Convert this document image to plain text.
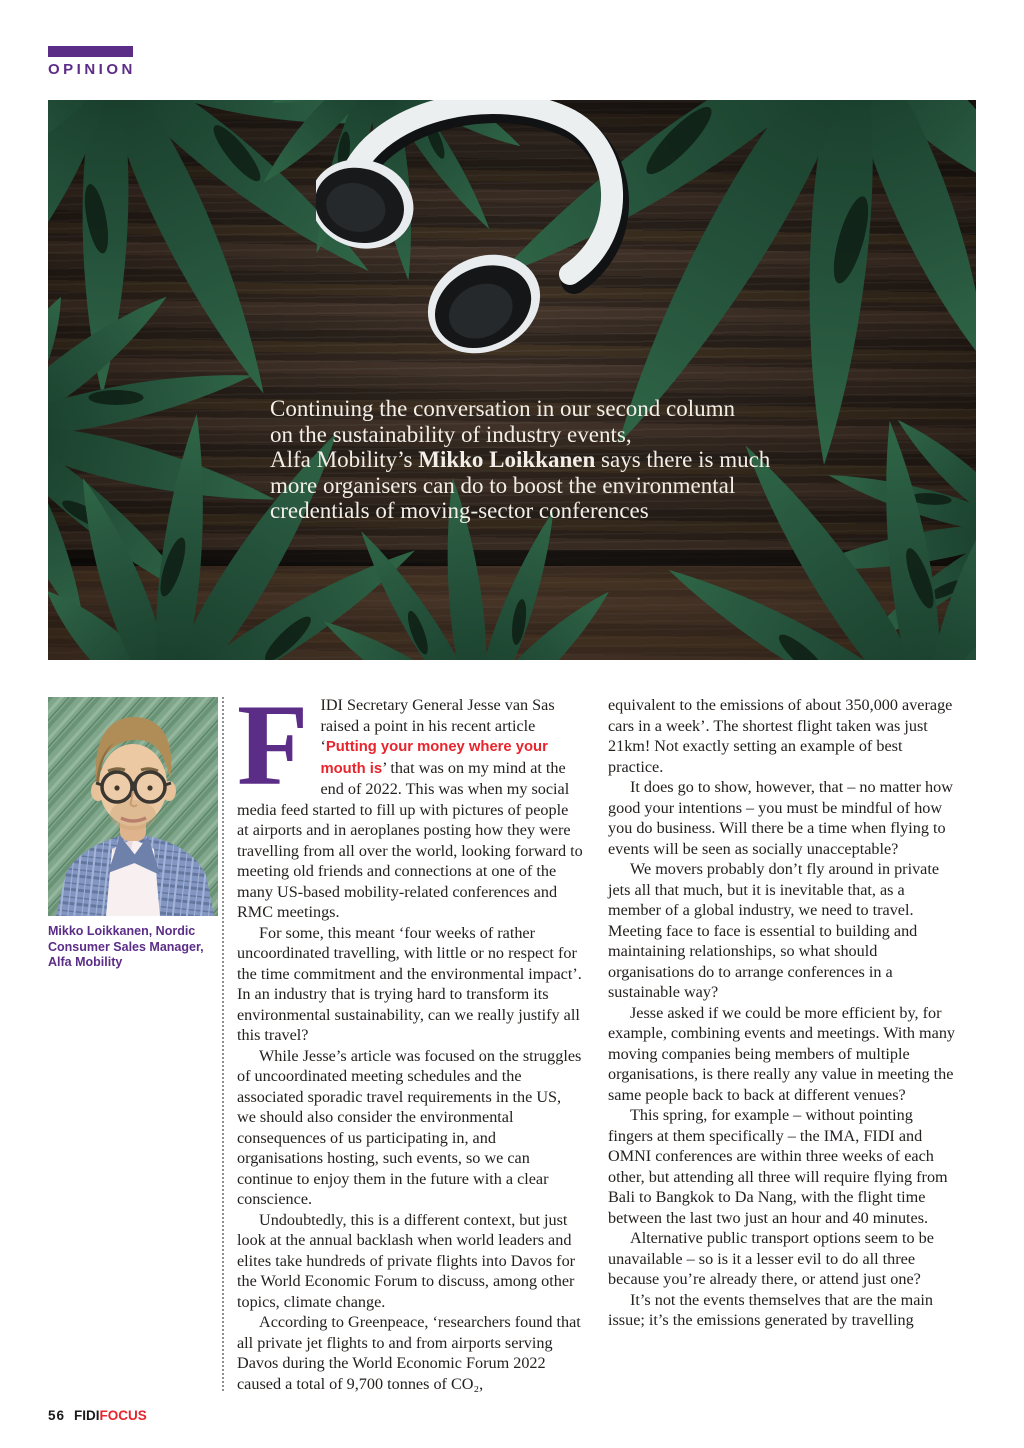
OPINION
Continuing the conversation in our second column
on the sustainability of industry events,
Alfa Mobility’s Mikko Loikkanen says there is much
more organisers can do to boost the environmental
credentials of moving-sector conferences
Mikko Loikkanen, Nordic Consumer Sales Manager, Alfa Mobility

FIDI Secretary General Jesse van Sas raised a point in his recent article ‘Putting your money where your mouth is’ that was on my mind at the end of 2022. This was when my social media feed started to fill up with pictures of people at airports and in aeroplanes posting how they were travelling from all over the world, looking forward to meeting old friends and connections at one of the many US-based mobility-related conferences and RMC meetings.

For some, this meant ‘four weeks of rather uncoordinated travelling, with little or no respect for the time commitment and the environmental impact’. In an industry that is trying hard to transform its environmental sustainability, can we really justify all this travel?

While Jesse’s article was focused on the struggles of uncoordinated meeting schedules and the associated sporadic travel requirements in the US, we should also consider the environmental consequences of us participating in, and organisations hosting, such events, so we can continue to enjoy them in the future with a clear conscience.

Undoubtedly, this is a different context, but just look at the annual backlash when world leaders and elites take hundreds of private flights into Davos for the World Economic Forum to discuss, among other topics, climate change.

According to Greenpeace, ‘researchers found that all private jet flights to and from airports serving Davos during the World Economic Forum 2022 caused a total of 9,700 tonnes of CO₂,

equivalent to the emissions of about 350,000 average cars in a week’. The shortest flight taken was just 21km! Not exactly setting an example of best practice.

It does go to show, however, that – no matter how good your intentions – you must be mindful of how you do business. Will there be a time when flying to events will be seen as socially unacceptable?

We movers probably don’t fly around in private jets all that much, but it is inevitable that, as a member of a global industry, we need to travel. Meeting face to face is essential to building and maintaining relationships, so what should organisations do to arrange conferences in a sustainable way?

Jesse asked if we could be more efficient by, for example, combining events and meetings. With many moving companies being members of multiple organisations, is there really any value in meeting the same people back to back at different venues?

This spring, for example – without pointing fingers at them specifically – the IMA, FIDI and OMNI conferences are within three weeks of each other, but attending all three will require flying from Bali to Bangkok to Da Nang, with the flight time between the last two just an hour and 40 minutes.

Alternative public transport options seem to be unavailable – so is it a lesser evil to do all three because you’re already there, or attend just one?

It’s not the events themselves that are the main issue; it’s the emissions generated by travelling

56 FIDIFOCUS
